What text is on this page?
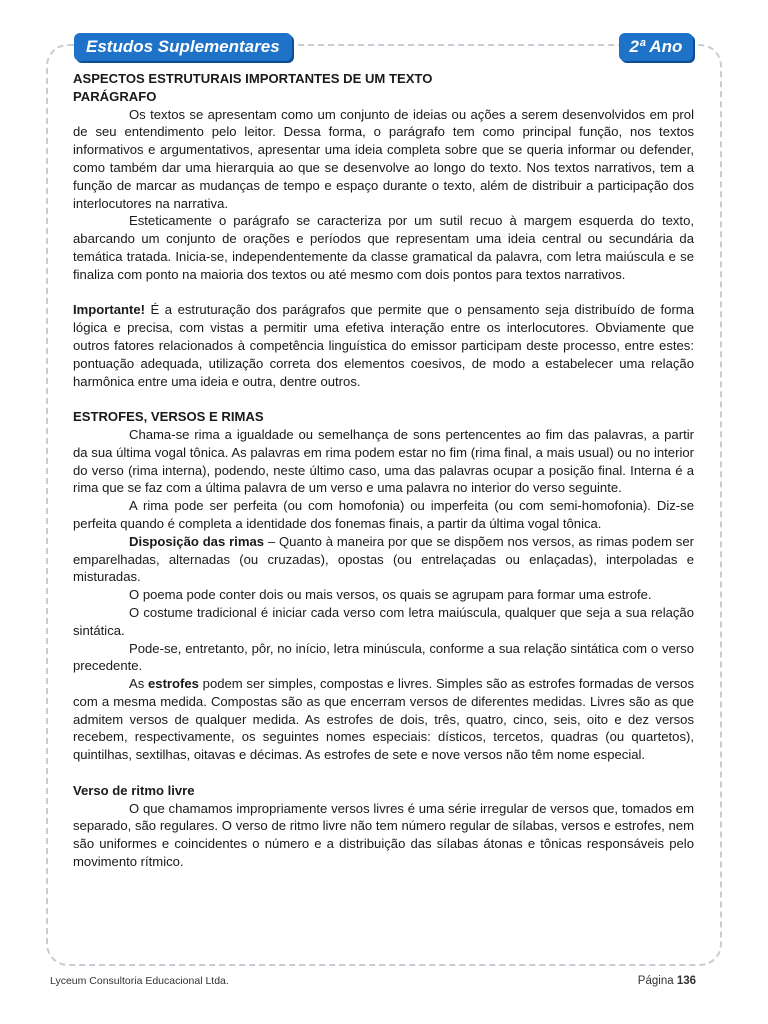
Estudos Suplementares	2ª Ano

ASPECTOS ESTRUTURAIS IMPORTANTES DE UM TEXTO

PARÁGRAFO

Os textos se apresentam como um conjunto de ideias ou ações a serem desenvolvidos em prol de seu entendimento pelo leitor. Dessa forma, o parágrafo tem como principal função, nos textos informativos e argumentativos, apresentar uma ideia completa sobre que se queria informar ou defender, como também dar uma hierarquia ao que se desenvolve ao longo do texto. Nos textos narrativos, tem a função de marcar as mudanças de tempo e espaço durante o texto, além de distribuir a participação dos interlocutores na narrativa.

Esteticamente o parágrafo se caracteriza por um sutil recuo à margem esquerda do texto, abarcando um conjunto de orações e períodos que representam uma ideia central ou secundária da temática tratada. Inicia-se, independentemente da classe gramatical da palavra, com letra maiúscula e se finaliza com ponto na maioria dos textos ou até mesmo com dois pontos para textos narrativos.

Importante! É a estruturação dos parágrafos que permite que o pensamento seja distribuído de forma lógica e precisa, com vistas a permitir uma efetiva interação entre os interlocutores. Obviamente que outros fatores relacionados à competência linguística do emissor participam deste processo, entre estes: pontuação adequada, utilização correta dos elementos coesivos, de modo a estabelecer uma relação harmônica entre uma ideia e outra, dentre outros.

ESTROFES, VERSOS E RIMAS

Chama-se rima a igualdade ou semelhança de sons pertencentes ao fim das palavras, a partir da sua última vogal tônica. As palavras em rima podem estar no fim (rima final, a mais usual) ou no interior do verso (rima interna), podendo, neste último caso, uma das palavras ocupar a posição final. Interna é a rima que se faz com a última palavra de um verso e uma palavra no interior do verso seguinte.

A rima pode ser perfeita (ou com homofonia) ou imperfeita (ou com semi-homofonia). Diz-se perfeita quando é completa a identidade dos fonemas finais, a partir da última vogal tônica.

Disposição das rimas – Quanto à maneira por que se dispõem nos versos, as rimas podem ser emparelhadas, alternadas (ou cruzadas), opostas (ou entrelaçadas ou enlaçadas), interpoladas e misturadas.

O poema pode conter dois ou mais versos, os quais se agrupam para formar uma estrofe.

O costume tradicional é iniciar cada verso com letra maiúscula, qualquer que seja a sua relação sintática.

Pode-se, entretanto, pôr, no início, letra minúscula, conforme a sua relação sintática com o verso precedente.

As estrofes podem ser simples, compostas e livres. Simples são as estrofes formadas de versos com a mesma medida. Compostas são as que encerram versos de diferentes medidas. Livres são as que admitem versos de qualquer medida. As estrofes de dois, três, quatro, cinco, seis, oito e dez versos recebem, respectivamente, os seguintes nomes especiais: dísticos, tercetos, quadras (ou quartetos), quintilhas, sextilhas, oitavas e décimas. As estrofes de sete e nove versos não têm nome especial.

Verso de ritmo livre

O que chamamos impropriamente versos livres é uma série irregular de versos que, tomados em separado, são regulares. O verso de ritmo livre não tem número regular de sílabas, versos e estrofes, nem são uniformes e coincidentes o número e a distribuição das sílabas átonas e tônicas responsáveis pelo movimento rítmico.

Lyceum Consultoria Educacional Ltda.	Página 136
